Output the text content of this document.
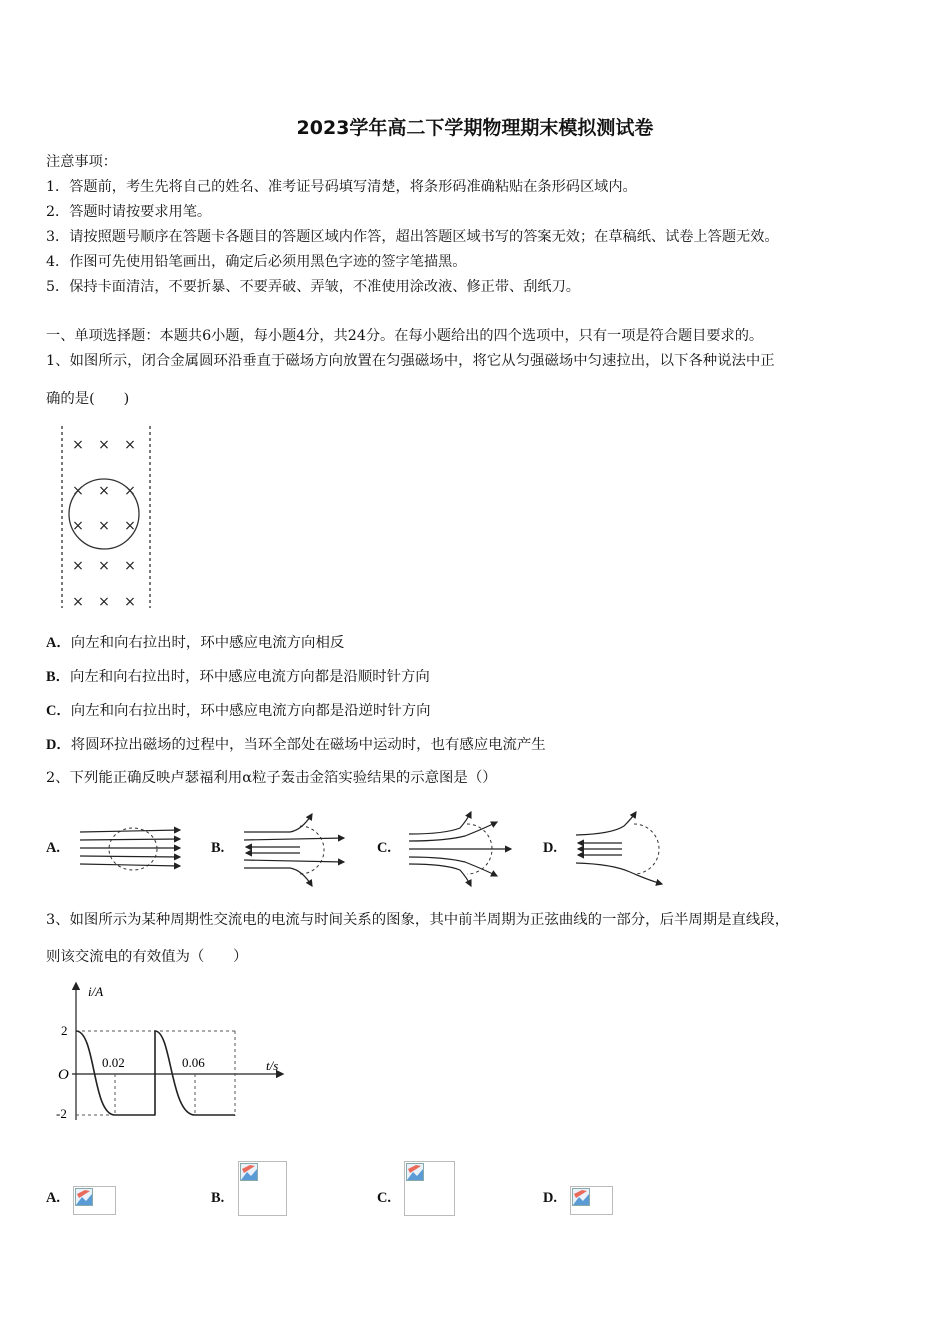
2023学年高二下学期物理期末模拟测试卷
注意事项：
1．答题前，考生先将自己的姓名、准考证号码填写清楚，将条形码准确粘贴在条形码区域内。
2．答题时请按要求用笔。
3．请按照题号顺序在答题卡各题目的答题区域内作答，超出答题区域书写的答案无效；在草稿纸、试卷上答题无效。
4．作图可先使用铅笔画出，确定后必须用黑色字迹的签字笔描黑。
5．保持卡面清洁，不要折暴、不要弄破、弄皱，不准使用涂改液、修正带、刮纸刀。
一、单项选择题：本题共6小题，每小题4分，共24分。在每小题给出的四个选项中，只有一项是符合题目要求的。
1、如图所示，闭合金属圆环沿垂直于磁场方向放置在匀强磁场中，将它从匀强磁场中匀速拉出，以下各种说法中正
确的是(　　)
× × ×
× × ×
× × ×
× × ×
× × ×
A．向左和向右拉出时，环中感应电流方向相反
B．向左和向右拉出时，环中感应电流方向都是沿顺时针方向
C．向左和向右拉出时，环中感应电流方向都是沿逆时针方向
D．将圆环拉出磁场的过程中，当环全部处在磁场中运动时，也有感应电流产生
2、下列能正确反映卢瑟福利用α粒子轰击金箔实验结果的示意图是（）
A.	B.	C.	D.
3、如图所示为某种周期性交流电的电流与时间关系的图象，其中前半周期为正弦曲线的一部分，后半周期是直线段，
则该交流电的有效值为（　　）
i/A
t/s
O
2
-2
0.02	0.06
A.	B.	C.	D.
